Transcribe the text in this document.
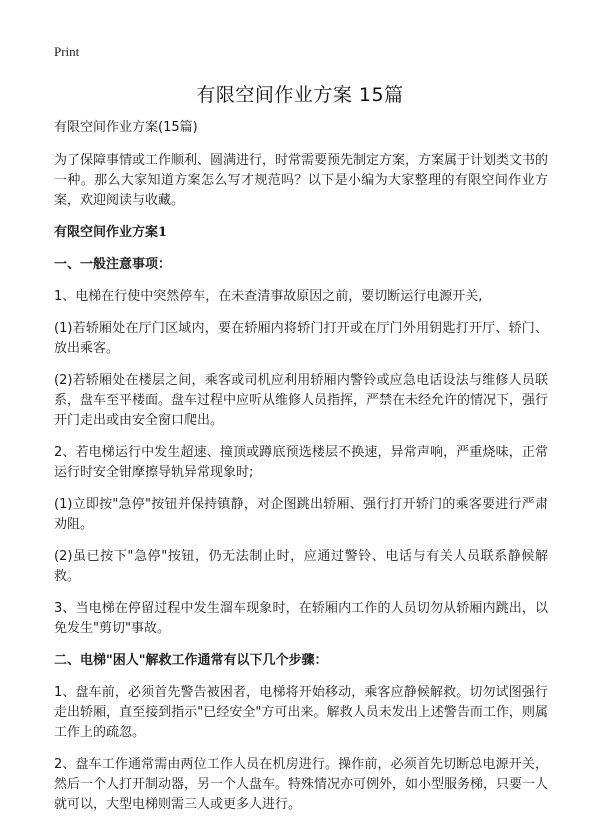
Print
有限空间作业方案 15篇
有限空间作业方案(15篇)

为了保障事情或工作顺利、圆满进行，时常需要预先制定方案，方案属于计划类文书的一种。那么大家知道方案怎么写才规范吗？以下是小编为大家整理的有限空间作业方案，欢迎阅读与收藏。

有限空间作业方案1
一、一般注意事项：

1、电梯在行使中突然停车，在未查清事故原因之前，要切断运行电源开关,

(1)若轿厢处在厅门区域内，要在轿厢内将轿门打开或在厅门外用钥匙打开厅、轿门、放出乘客。

(2)若轿厢处在楼层之间，乘客或司机应利用轿厢内警铃或应急电话设法与维修人员联系，盘车至平楼面。盘车过程中应听从维修人员指挥，严禁在未经允许的情况下，强行开门走出或由安全窗口爬出。

2、若电梯运行中发生超速、撞顶或蹲底预选楼层不换速，异常声响，严重烧味，正常运行时安全钳摩擦导轨异常现象时;

(1)立即按"急停"按钮并保持镇静，对企图跳出轿厢、强行打开轿门的乘客要进行严肃劝阻。

(2)虽已按下"急停"按钮，仍无法制止时，应通过警铃、电话与有关人员联系静候解救。

3、当电梯在停留过程中发生溜车现象时，在轿厢内工作的人员切勿从轿厢内跳出，以免发生"剪切"事故。

二、电梯"困人"解救工作通常有以下几个步骤：

1、盘车前，必须首先警告被困者，电梯将开始移动，乘客应静候解救。切勿试图强行走出轿厢，直至接到指示"已经安全"方可出来。解救人员未发出上述警告而工作，则属工作上的疏忽。

2、盘车工作通常需由两位工作人员在机房进行。操作前，必须首先切断总电源开关，然后一个人打开制动器，另一个人盘车。特殊情况亦可例外，如小型服务梯，只要一人就可以，大型电梯则需三人或更多人进行。
